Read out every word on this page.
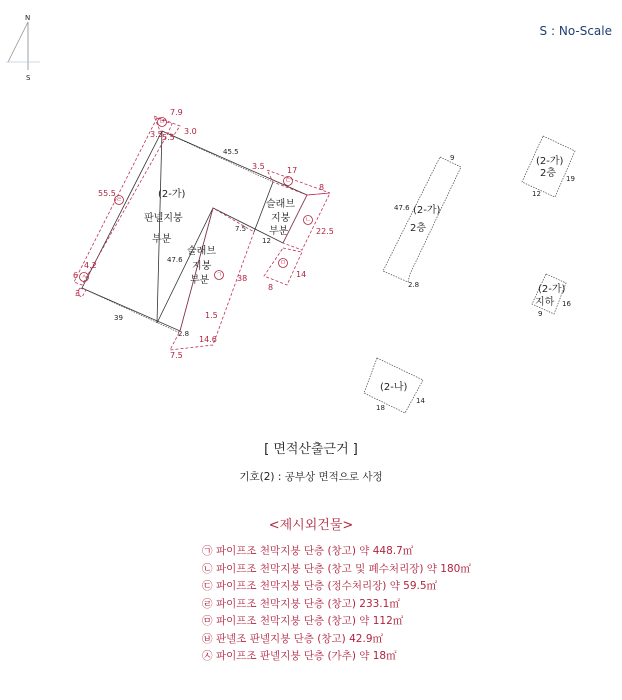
N
S
(2-가)
판넬지붕
부분
슬래브
지붕
부분
슬래브
지붕
부분
45.5
47.6
39
7.5
12
2.8
7.9
3.0
3.5 5.5
55.5
4.2
6
3
3.5	17
8
22.5
14
8
38
1.5
14.6
7.5
ㄱ
ㄴ
ㄷ
ㄹ
ㅁ
ㅂ
ㅅ
(2-가)
2층
9
47.6
2.8
(2-가)
2층 19
12
(2-가)
지하 16
9
(2-나)
14
18
S : No-Scale
[ 면적산출근거 ]
기호(2) : 공부상 면적으로 사정
<제시외건물>
㉠ 파이프조 천막지붕 단층 (창고) 약 448.7㎡
㉡ 파이프조 천막지붕 단층 (창고 및 폐수처리장) 약 180㎡
㉢ 파이프조 천막지붕 단층 (정수처리장) 약 59.5㎡
㉣ 파이프조 천막지붕 단층 (창고) 233.1㎡
㉤ 파이프조 천막지붕 단층 (창고) 약 112㎡
㉥ 판넬조 판넬지붕 단층 (창고) 42.9㎡
㉦ 파이프조 판넬지붕 단층 (가추) 약 18㎡
